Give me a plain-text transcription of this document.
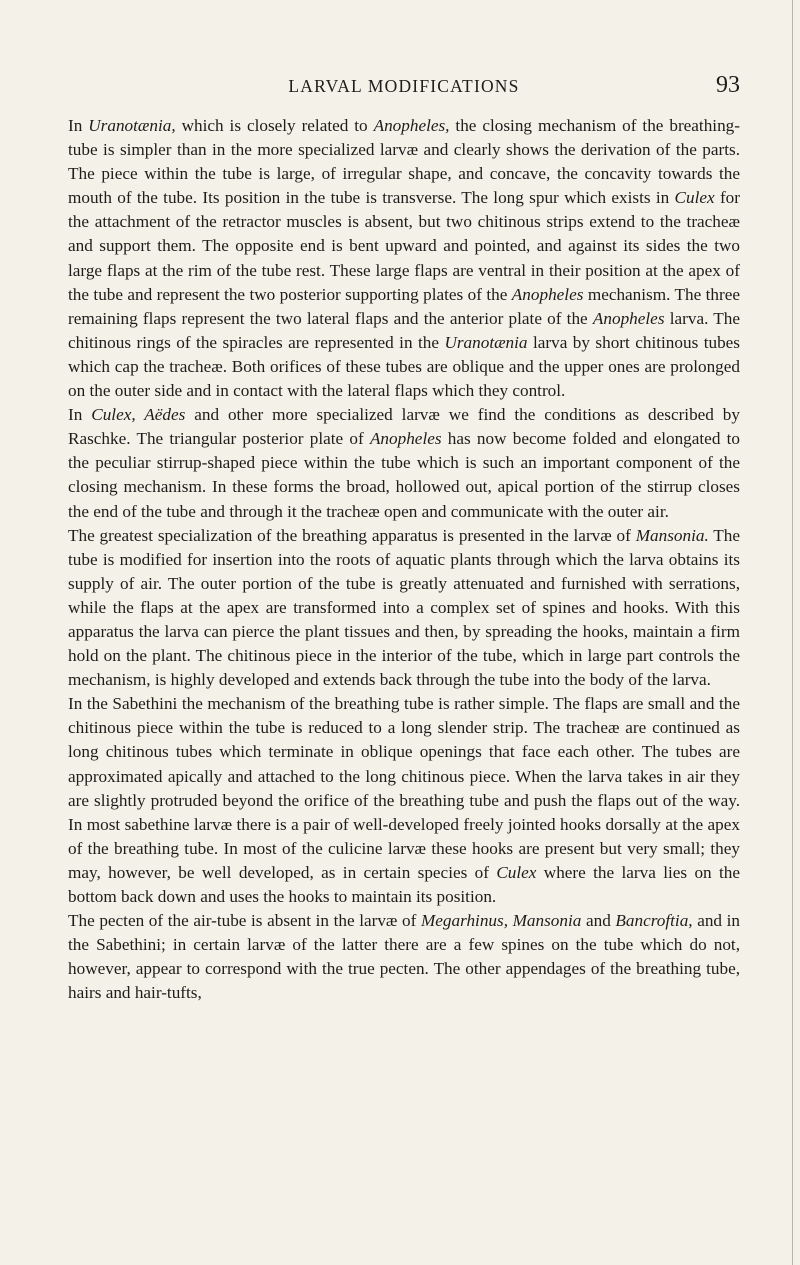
LARVAL MODIFICATIONS	93

In Uranotænia, which is closely related to Anopheles, the closing mechanism of the breathing-tube is simpler than in the more specialized larvæ and clearly shows the derivation of the parts. The piece within the tube is large, of irregular shape, and concave, the concavity towards the mouth of the tube. Its position in the tube is transverse. The long spur which exists in Culex for the attachment of the retractor muscles is absent, but two chitinous strips extend to the tracheæ and support them. The opposite end is bent upward and pointed, and against its sides the two large flaps at the rim of the tube rest. These large flaps are ventral in their position at the apex of the tube and represent the two posterior supporting plates of the Anopheles mechanism. The three remaining flaps represent the two lateral flaps and the anterior plate of the Anopheles larva. The chitinous rings of the spiracles are represented in the Uranotænia larva by short chitinous tubes which cap the tracheæ. Both orifices of these tubes are oblique and the upper ones are prolonged on the outer side and in contact with the lateral flaps which they control.

In Culex, Aëdes and other more specialized larvæ we find the conditions as described by Raschke. The triangular posterior plate of Anopheles has now become folded and elongated to the peculiar stirrup-shaped piece within the tube which is such an important component of the closing mechanism. In these forms the broad, hollowed out, apical portion of the stirrup closes the end of the tube and through it the tracheæ open and communicate with the outer air.

The greatest specialization of the breathing apparatus is presented in the larvæ of Mansonia. The tube is modified for insertion into the roots of aquatic plants through which the larva obtains its supply of air. The outer portion of the tube is greatly attenuated and furnished with serrations, while the flaps at the apex are transformed into a complex set of spines and hooks. With this apparatus the larva can pierce the plant tissues and then, by spreading the hooks, maintain a firm hold on the plant. The chitinous piece in the interior of the tube, which in large part controls the mechanism, is highly developed and extends back through the tube into the body of the larva.

In the Sabethini the mechanism of the breathing tube is rather simple. The flaps are small and the chitinous piece within the tube is reduced to a long slender strip. The tracheæ are continued as long chitinous tubes which terminate in oblique openings that face each other. The tubes are approximated apically and attached to the long chitinous piece. When the larva takes in air they are slightly protruded beyond the orifice of the breathing tube and push the flaps out of the way. In most sabethine larvæ there is a pair of well-developed freely jointed hooks dorsally at the apex of the breathing tube. In most of the culicine larvæ these hooks are present but very small; they may, however, be well developed, as in certain species of Culex where the larva lies on the bottom back down and uses the hooks to maintain its position.

The pecten of the air-tube is absent in the larvæ of Megarhinus, Mansonia and Bancroftia, and in the Sabethini; in certain larvæ of the latter there are a few spines on the tube which do not, however, appear to correspond with the true pecten. The other appendages of the breathing tube, hairs and hair-tufts,
